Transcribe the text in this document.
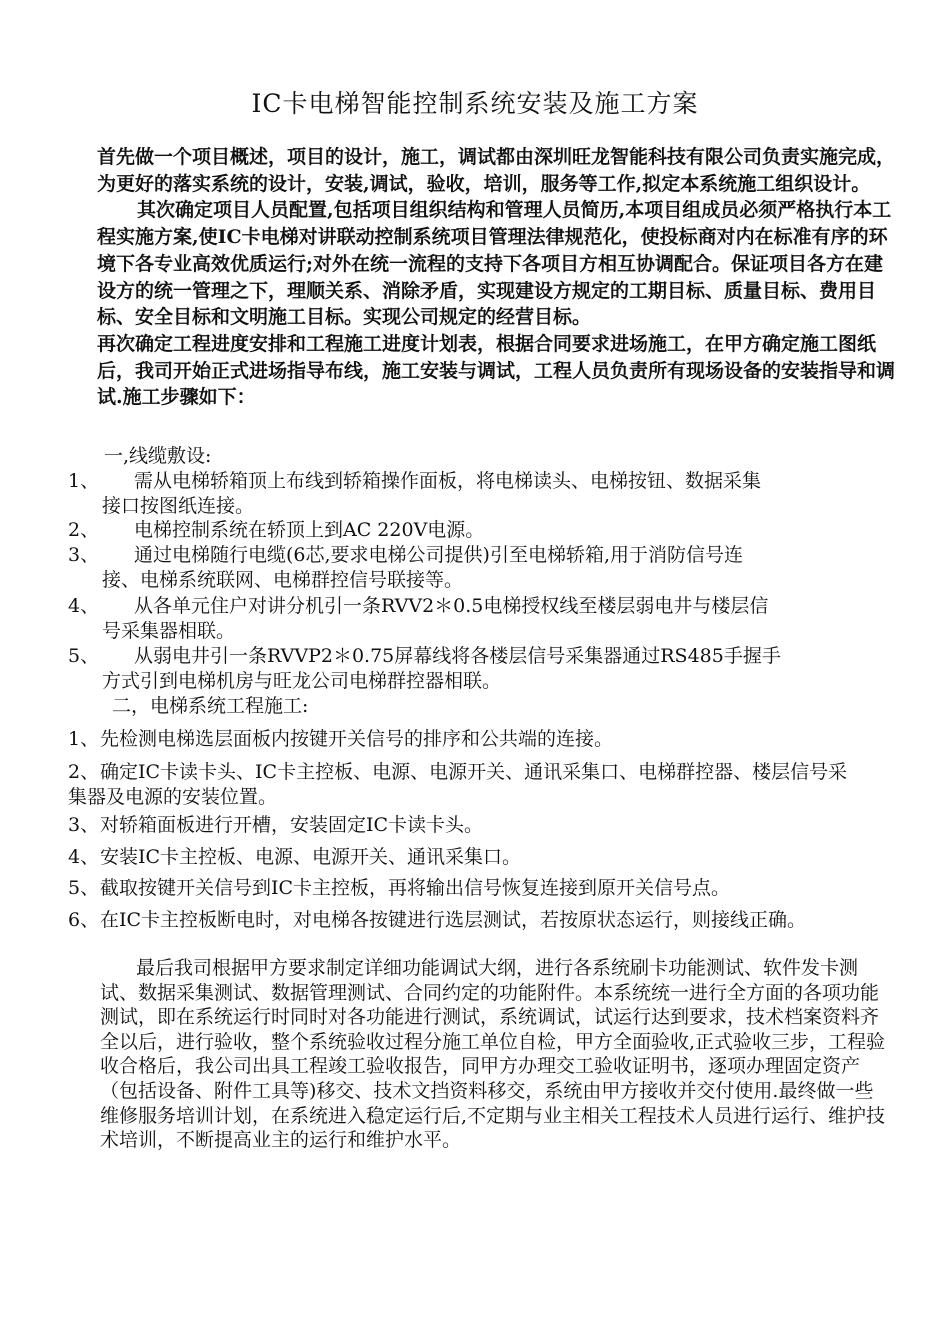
IC卡电梯智能控制系统安装及施工方案

首先做一个项目概述，项目的设计，施工，调试都由深圳旺龙智能科技有限公司负责实施完成，为更好的落实系统的设计，安装,调试，验收，培训，服务等工作,拟定本系统施工组织设计。

其次确定项目人员配置,包括项目组织结构和管理人员简历,本项目组成员必须严格执行本工程实施方案,使IC卡电梯对讲联动控制系统项目管理法律规范化，使投标商对内在标准有序的环境下各专业高效优质运行;对外在统一流程的支持下各项目方相互协调配合。保证项目各方在建设方的统一管理之下，理顺关系、消除矛盾，实现建设方规定的工期目标、质量目标、费用目标、安全目标和文明施工目标。实现公司规定的经营目标。

再次确定工程进度安排和工程施工进度计划表，根据合同要求进场施工，在甲方确定施工图纸后，我司开始正式进场指导布线，施工安装与调试，工程人员负责所有现场设备的安装指导和调试.施工步骤如下：

一,线缆敷设:
1、 需从电梯轿箱顶上布线到轿箱操作面板，将电梯读头、电梯按钮、数据采集
接口按图纸连接。
2、 电梯控制系统在轿顶上到AC 220V电源。
3、 通过电梯随行电缆(6芯,要求电梯公司提供)引至电梯轿箱,用于消防信号连
接、电梯系统联网、电梯群控信号联接等。
4、 从各单元住户对讲分机引一条RVV2＊0.5电梯授权线至楼层弱电井与楼层信
号采集器相联。
5、 从弱电井引一条RVVP2＊0.75屏幕线将各楼层信号采集器通过RS485手握手
方式引到电梯机房与旺龙公司电梯群控器相联。
二，电梯系统工程施工:
1、 先检测电梯选层面板内按键开关信号的排序和公共端的连接。
2、 确定IC卡读卡头、IC卡主控板、电源、电源开关、通讯采集口、电梯群控器、楼层信号采集器及电源的安装位置。
3、 对轿箱面板进行开槽，安装固定IC卡读卡头。
4、 安装IC卡主控板、电源、电源开关、通讯采集口。
5、 截取按键开关信号到IC卡主控板，再将输出信号恢复连接到原开关信号点。
6、 在IC卡主控板断电时，对电梯各按键进行选层测试，若按原状态运行，则接线正确。

最后我司根据甲方要求制定详细功能调试大纲，进行各系统刷卡功能测试、软件发卡测试、数据采集测试、数据管理测试、合同约定的功能附件。本系统统一进行全方面的各项功能测试，即在系统运行时同时对各功能进行测试，系统调试，试运行达到要求，技术档案资料齐全以后，进行验收，整个系统验收过程分施工单位自检，甲方全面验收,正式验收三步，工程验收合格后，我公司出具工程竣工验收报告，同甲方办理交工验收证明书，逐项办理固定资产（包括设备、附件工具等)移交、技术文挡资料移交，系统由甲方接收并交付使用.最终做一些维修服务培训计划，在系统进入稳定运行后,不定期与业主相关工程技术人员进行运行、维护技术培训，不断提高业主的运行和维护水平。
